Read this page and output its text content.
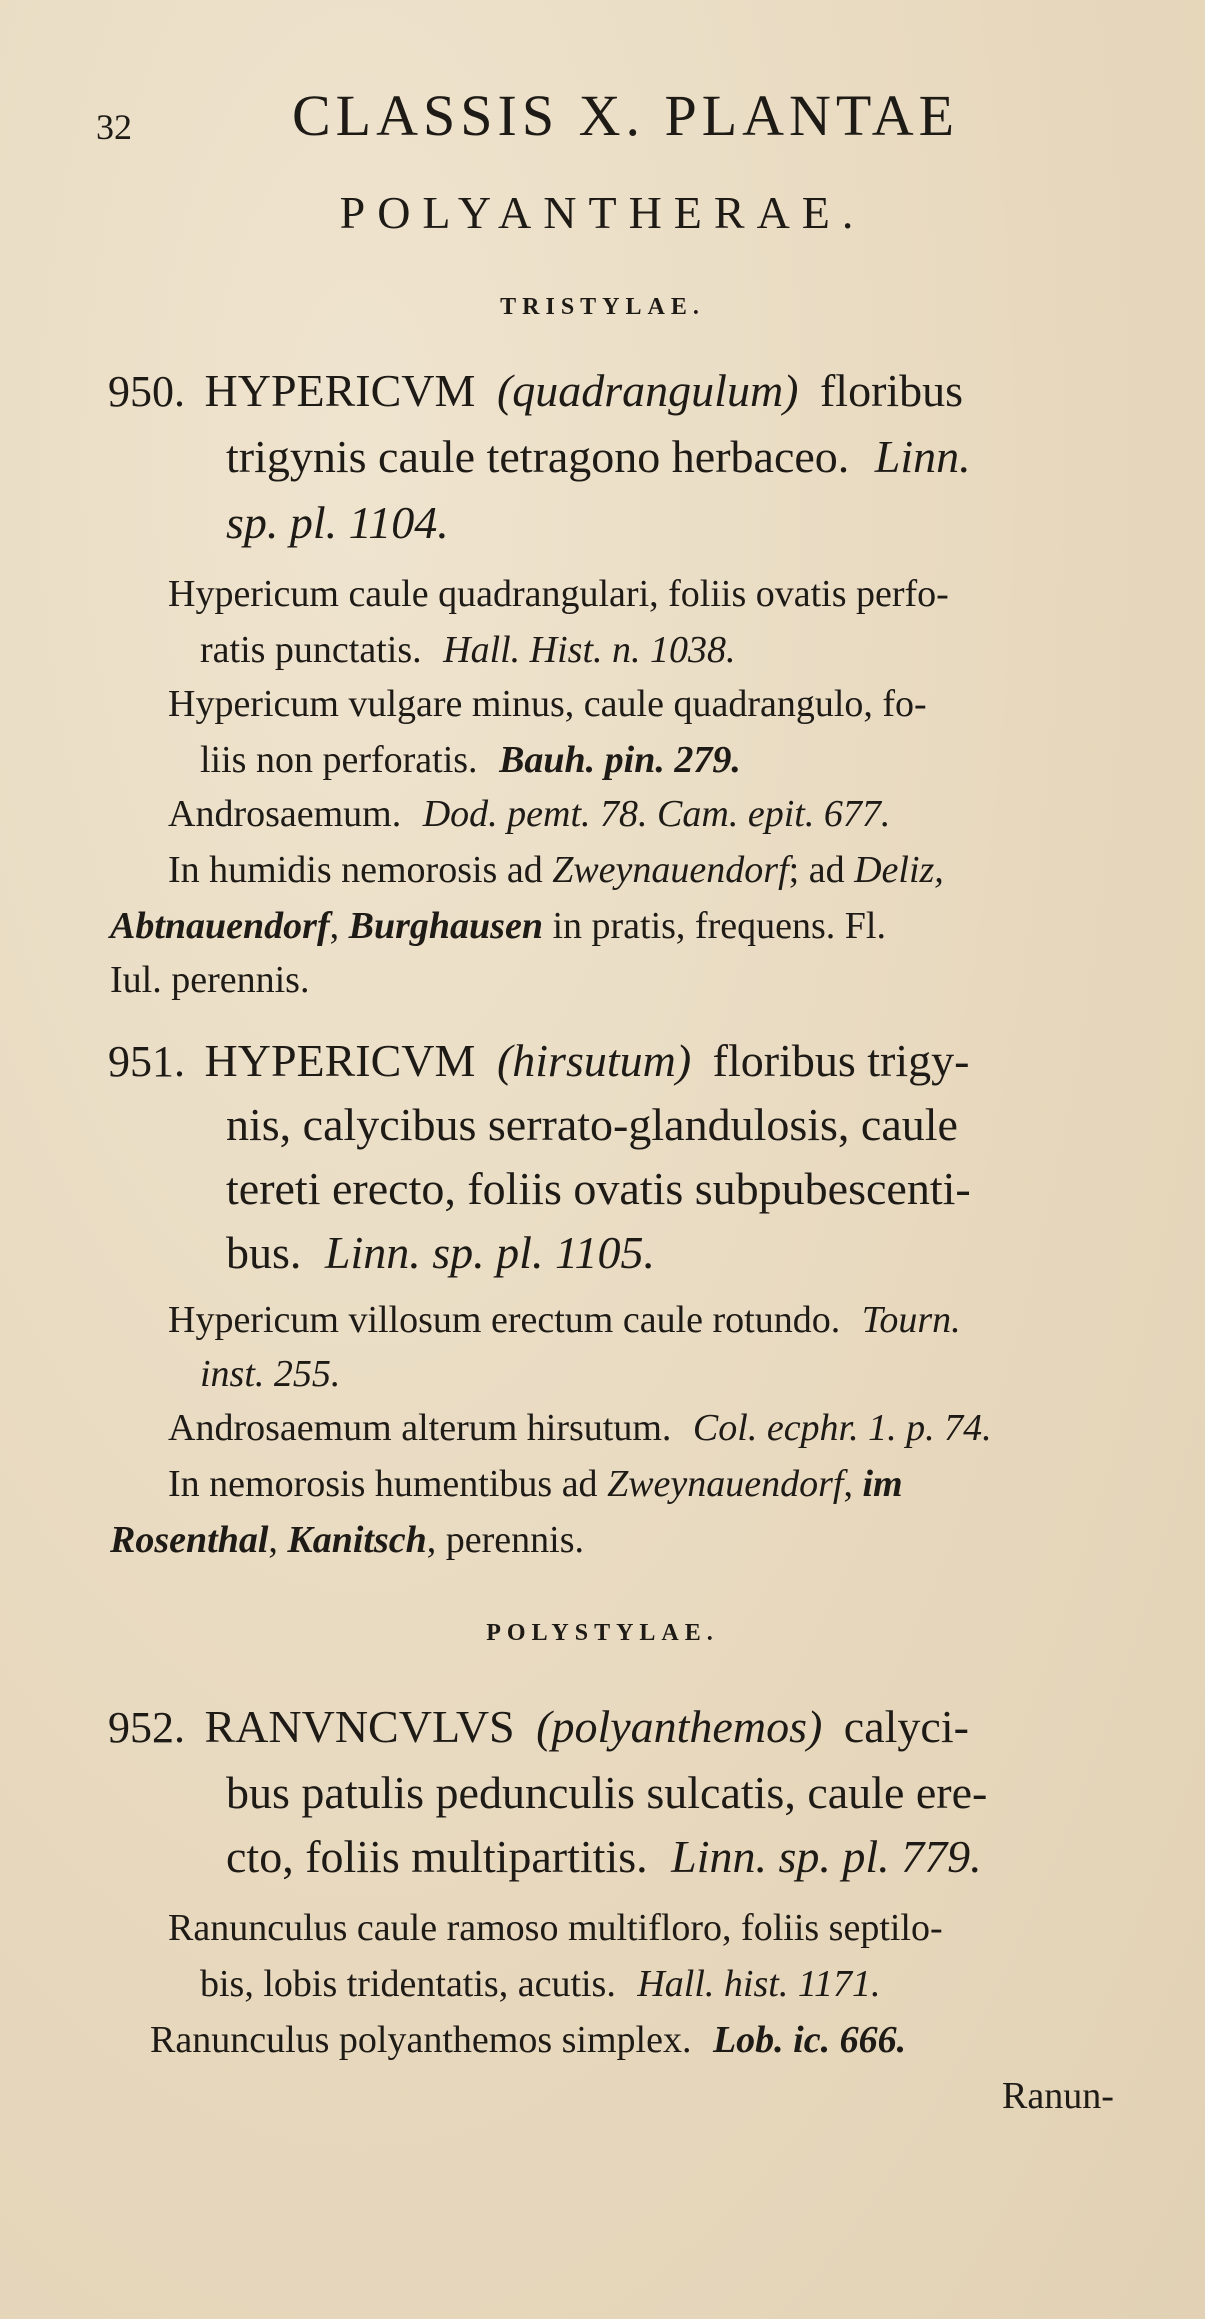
32	CLASSIS X. PLANTAE
POLYANTHERAE.
TRISTYLAE.
950. HYPERICVM (quadrangulum) floribus
trigynis caule tetragono herbaceo. Linn.
sp. pl. 1104.
Hypericum caule quadrangulari, foliis ovatis perfo-
ratis punctatis. Hall. Hist. n. 1038.
Hypericum vulgare minus, caule quadrangulo, fo-
liis non perforatis. Bauh. pin. 279.
Androsaemum. Dod. pemt. 78. Cam. epit. 677.
In humidis nemorosis ad Zweynauendorf; ad Deliz,
Abtnauendorf, Burghausen in pratis, frequens. Fl.
Iul. perennis.
951. HYPERICVM (hirsutum) floribus trigy-
nis, calycibus serrato-glandulosis, caule
tereti erecto, foliis ovatis subpubescenti-
bus. Linn. sp. pl. 1105.
Hypericum villosum erectum caule rotundo. Tourn.
inst. 255.
Androsaemum alterum hirsutum. Col. ecphr. 1. p. 74.
In nemorosis humentibus ad Zweynauendorf, im
Rosenthal, Kanitsch, perennis.
POLYSTYLAE.
952. RANVNCVLVS (polyanthemos) calyci-
bus patulis pedunculis sulcatis, caule ere-
cto, foliis multipartitis. Linn. sp. pl. 779.
Ranunculus caule ramoso multifloro, foliis septilo-
bis, lobis tridentatis, acutis. Hall. hist. 1171.
Ranunculus polyanthemos simplex. Lob. ic. 666.
Ranun-
